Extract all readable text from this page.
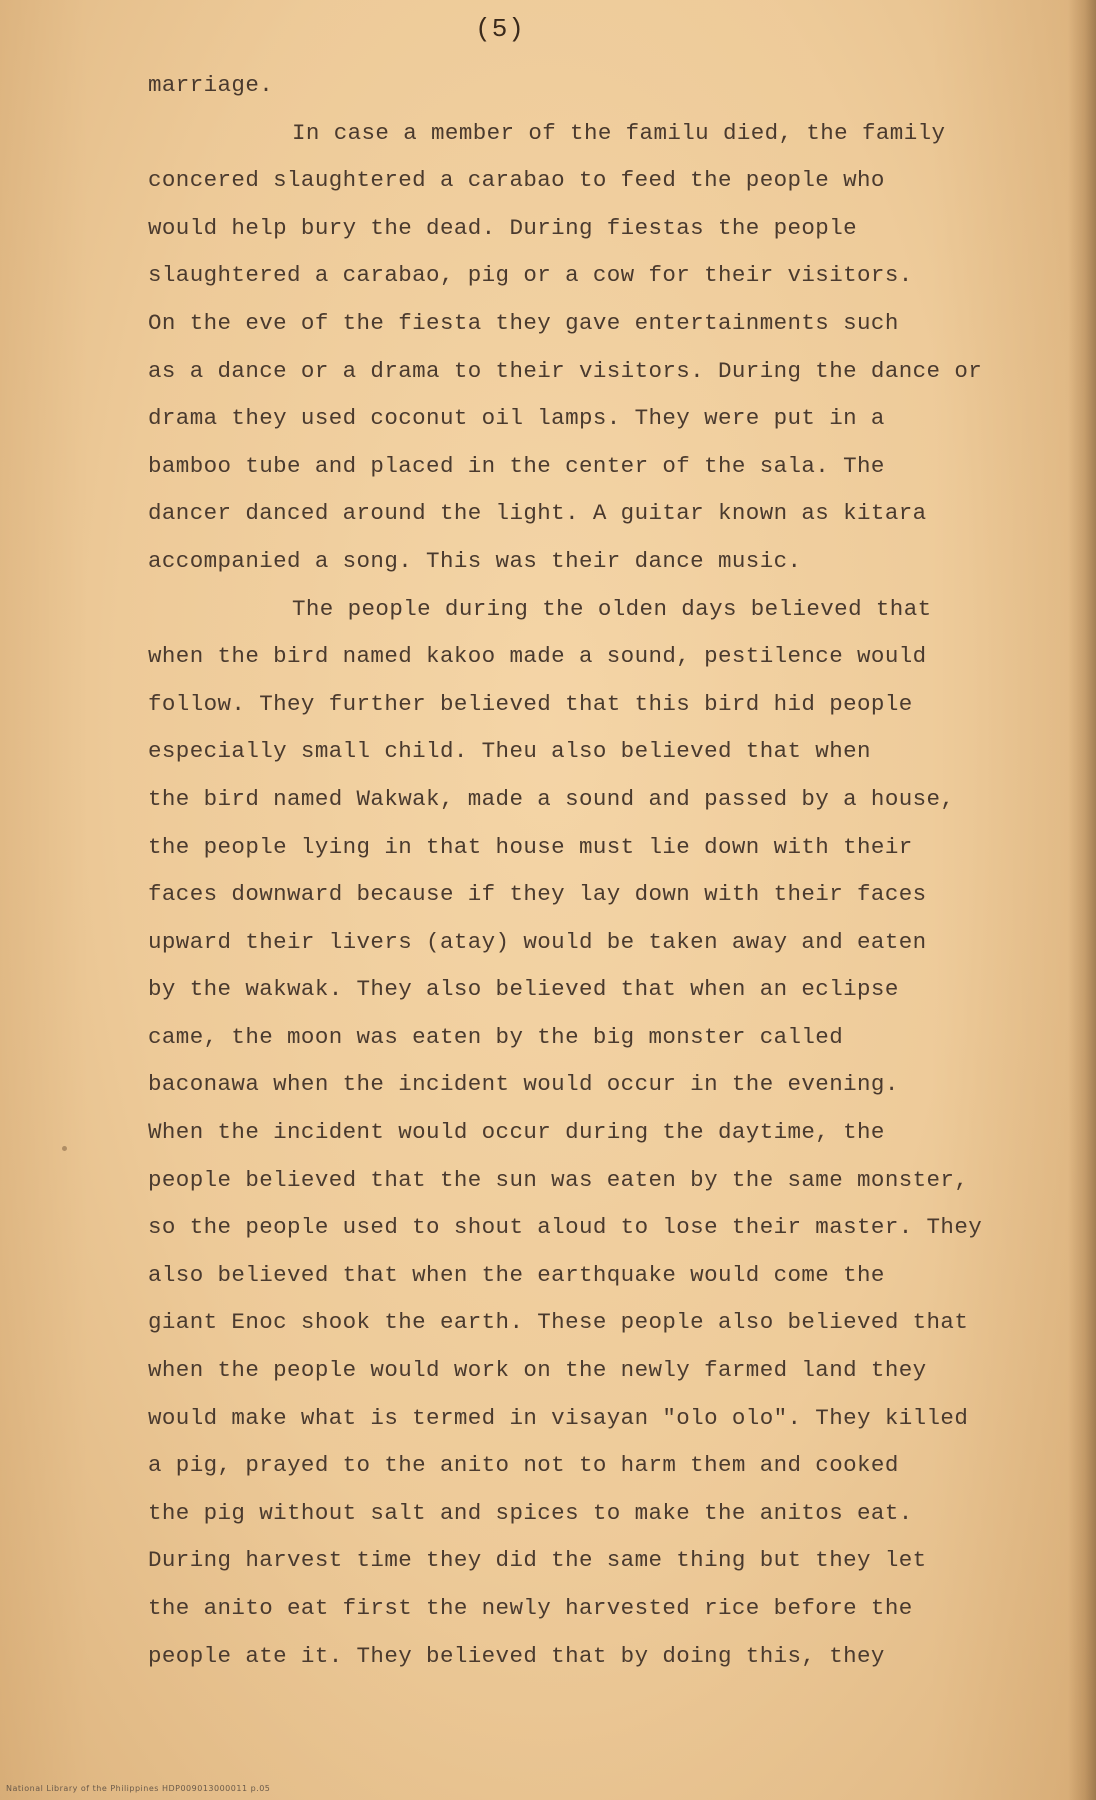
(5)
marriage.
In case a member of the familu died, the family
concered slaughtered a carabao to feed the people who
would help bury the dead. During fiestas the people
slaughtered a carabao, pig or a cow for their visitors.
On the eve of the fiesta they gave entertainments such
as a dance or a drama to their visitors. During the dance or
drama they used coconut oil lamps. They were put in a
bamboo tube and placed in the center of the sala. The
dancer danced around the light. A guitar known as kitara
accompanied a song. This was their dance music.
The people during the olden days believed that
when the bird named kakoo made a sound, pestilence would
follow. They further believed that this bird hid people
especially small child. Theu also believed that when
the bird named Wakwak, made a sound and passed by a house,
the people lying in that house must lie down with their
faces downward because if they lay down with their faces
upward their livers (atay) would be taken away and eaten
by the wakwak. They also believed that when an eclipse
came, the moon was eaten by the big monster called
baconawa when the incident would occur in the evening.
When the incident would occur during the daytime, the
people believed that the sun was eaten by the same monster,
so the people used to shout aloud to lose their master. They
also believed that when the earthquake would come the
giant Enoc shook the earth. These people also believed that
when the people would work on the newly farmed land they
would make what is termed in visayan "olo olo". They killed
a pig, prayed to the anito not to harm them and cooked
the pig without salt and spices to make the anitos eat.
During harvest time they did the same thing but they let
the anito eat first the newly harvested rice before the
people ate it. They believed that by doing this, they
National Library of the Philippines HDP009013000011 p.05
